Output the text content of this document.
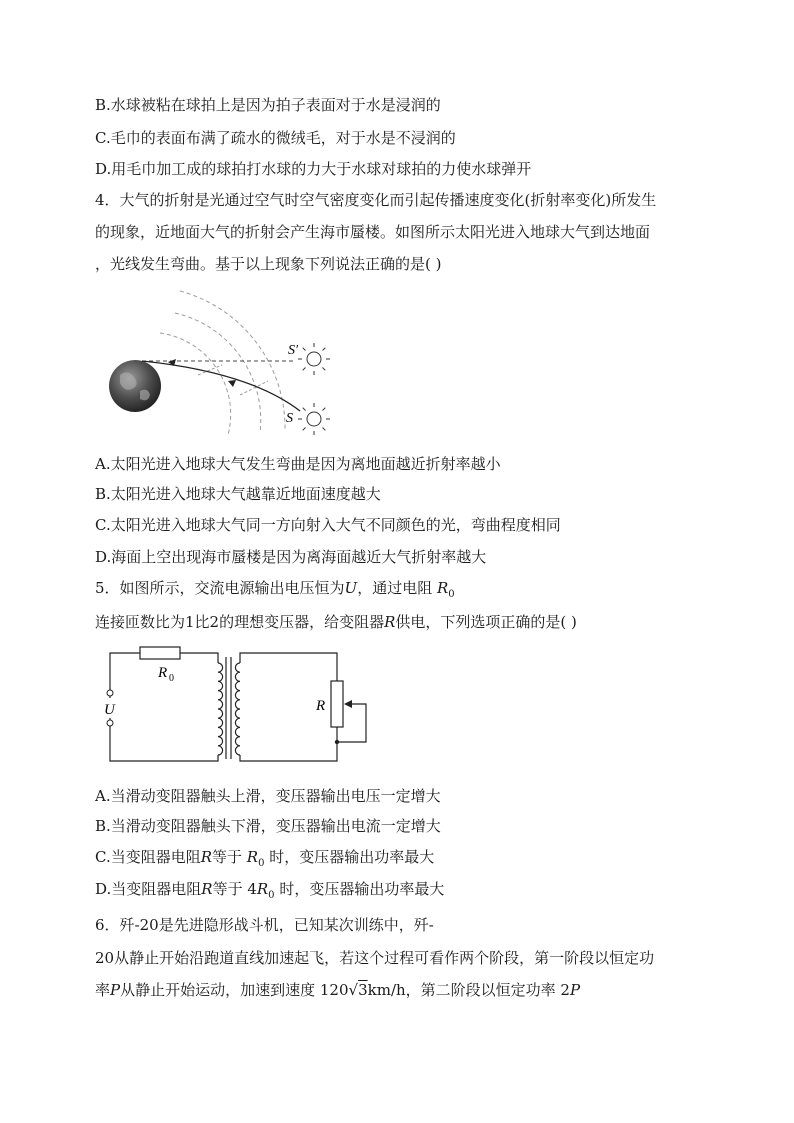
B.水球被粘在球拍上是因为拍子表面对于水是浸润的
C.毛巾的表面布满了疏水的微绒毛，对于水是不浸润的
D.用毛巾加工成的球拍打水球的力大于水球对球拍的力使水球弹开
4．大气的折射是光通过空气时空气密度变化而引起传播速度变化(折射率变化)所发生
的现象，近地面大气的折射会产生海市蜃楼。如图所示太阳光进入地球大气到达地面
，光线发生弯曲。基于以上现象下列说法正确的是( )
S′
S
A.太阳光进入地球大气发生弯曲是因为离地面越近折射率越小
B.太阳光进入地球大气越靠近地面速度越大
C.太阳光进入地球大气同一方向射入大气不同颜色的光，弯曲程度相同
D.海面上空出现海市蜃楼是因为离海面越近大气折射率越大
5．如图所示，交流电源输出电压恒为U，通过电阻 $R_0$
连接匝数比为1比2的理想变压器，给变阻器R供电，下列选项正确的是( )
R 0
U	R
A.当滑动变阻器触头上滑，变压器输出电压一定增大
B.当滑动变阻器触头下滑，变压器输出电流一定增大
C.当变阻器电阻R等于 $R_0$ 时，变压器输出功率最大
D.当变阻器电阻R等于 $4R_0$ 时，变压器输出功率最大
6．歼-20是先进隐形战斗机，已知某次训练中，歼-
20从静止开始沿跑道直线加速起飞，若这个过程可看作两个阶段，第一阶段以恒定功
率P从静止开始运动，加速到速度 120√3km/h，第二阶段以恒定功率 2P
